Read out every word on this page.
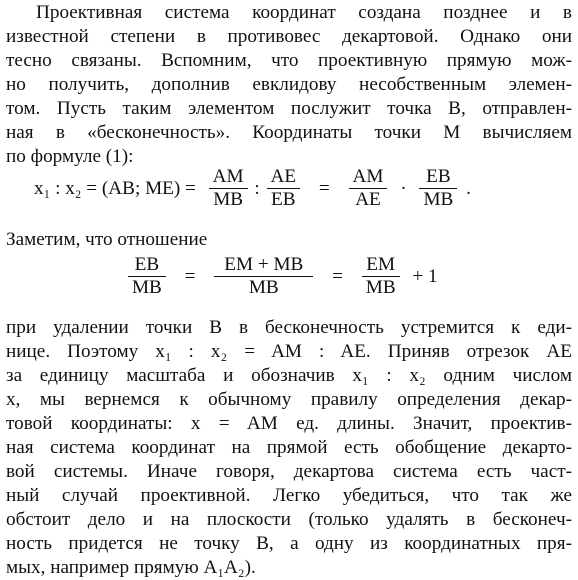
Проективная система координат создана позднее и в
известной степени в противовес декартовой. Однако они
тесно связаны. Вспомним, что проективную прямую мож-
но получить, дополнив евклидову несобственным элемен-
том. Пусть таким элементом послужит точка B, отправлен-
ная в «бесконечность». Координаты точки M вычисляем
по формуле (1):
x₁ : x₂ = (AB; $ME) = \frac{AM}{MB}$ : $\frac{AE}{EB} = \frac{AM}{AE} \cdot \frac{EB}{MB}$ .
Заметим, что отношение
$\frac{EB}{MB} = \frac{EM + MB}{MB} = \frac{EM}{MB} + 1$
при удалении точки B в бесконечность устремится к еди-
нице. Поэтому x₁ : x₂ = AM : AE. Приняв отрезок AE
за единицу масштаба и обозначив x₁ : x₂ одним числом
x, мы вернемся к обычному правилу определения декар-
товой координаты: x = AM ед. длины. Значит, проектив-
ная система координат на прямой есть обобщение декарто-
вой системы. Иначе говоря, декартова система есть част-
ный случай проективной. Легко убедиться, что так же
обстоит дело и на плоскости (только удалять в бесконеч-
ность придется не точку B, а одну из координатных пря-
мых, например прямую A₁A₂).
